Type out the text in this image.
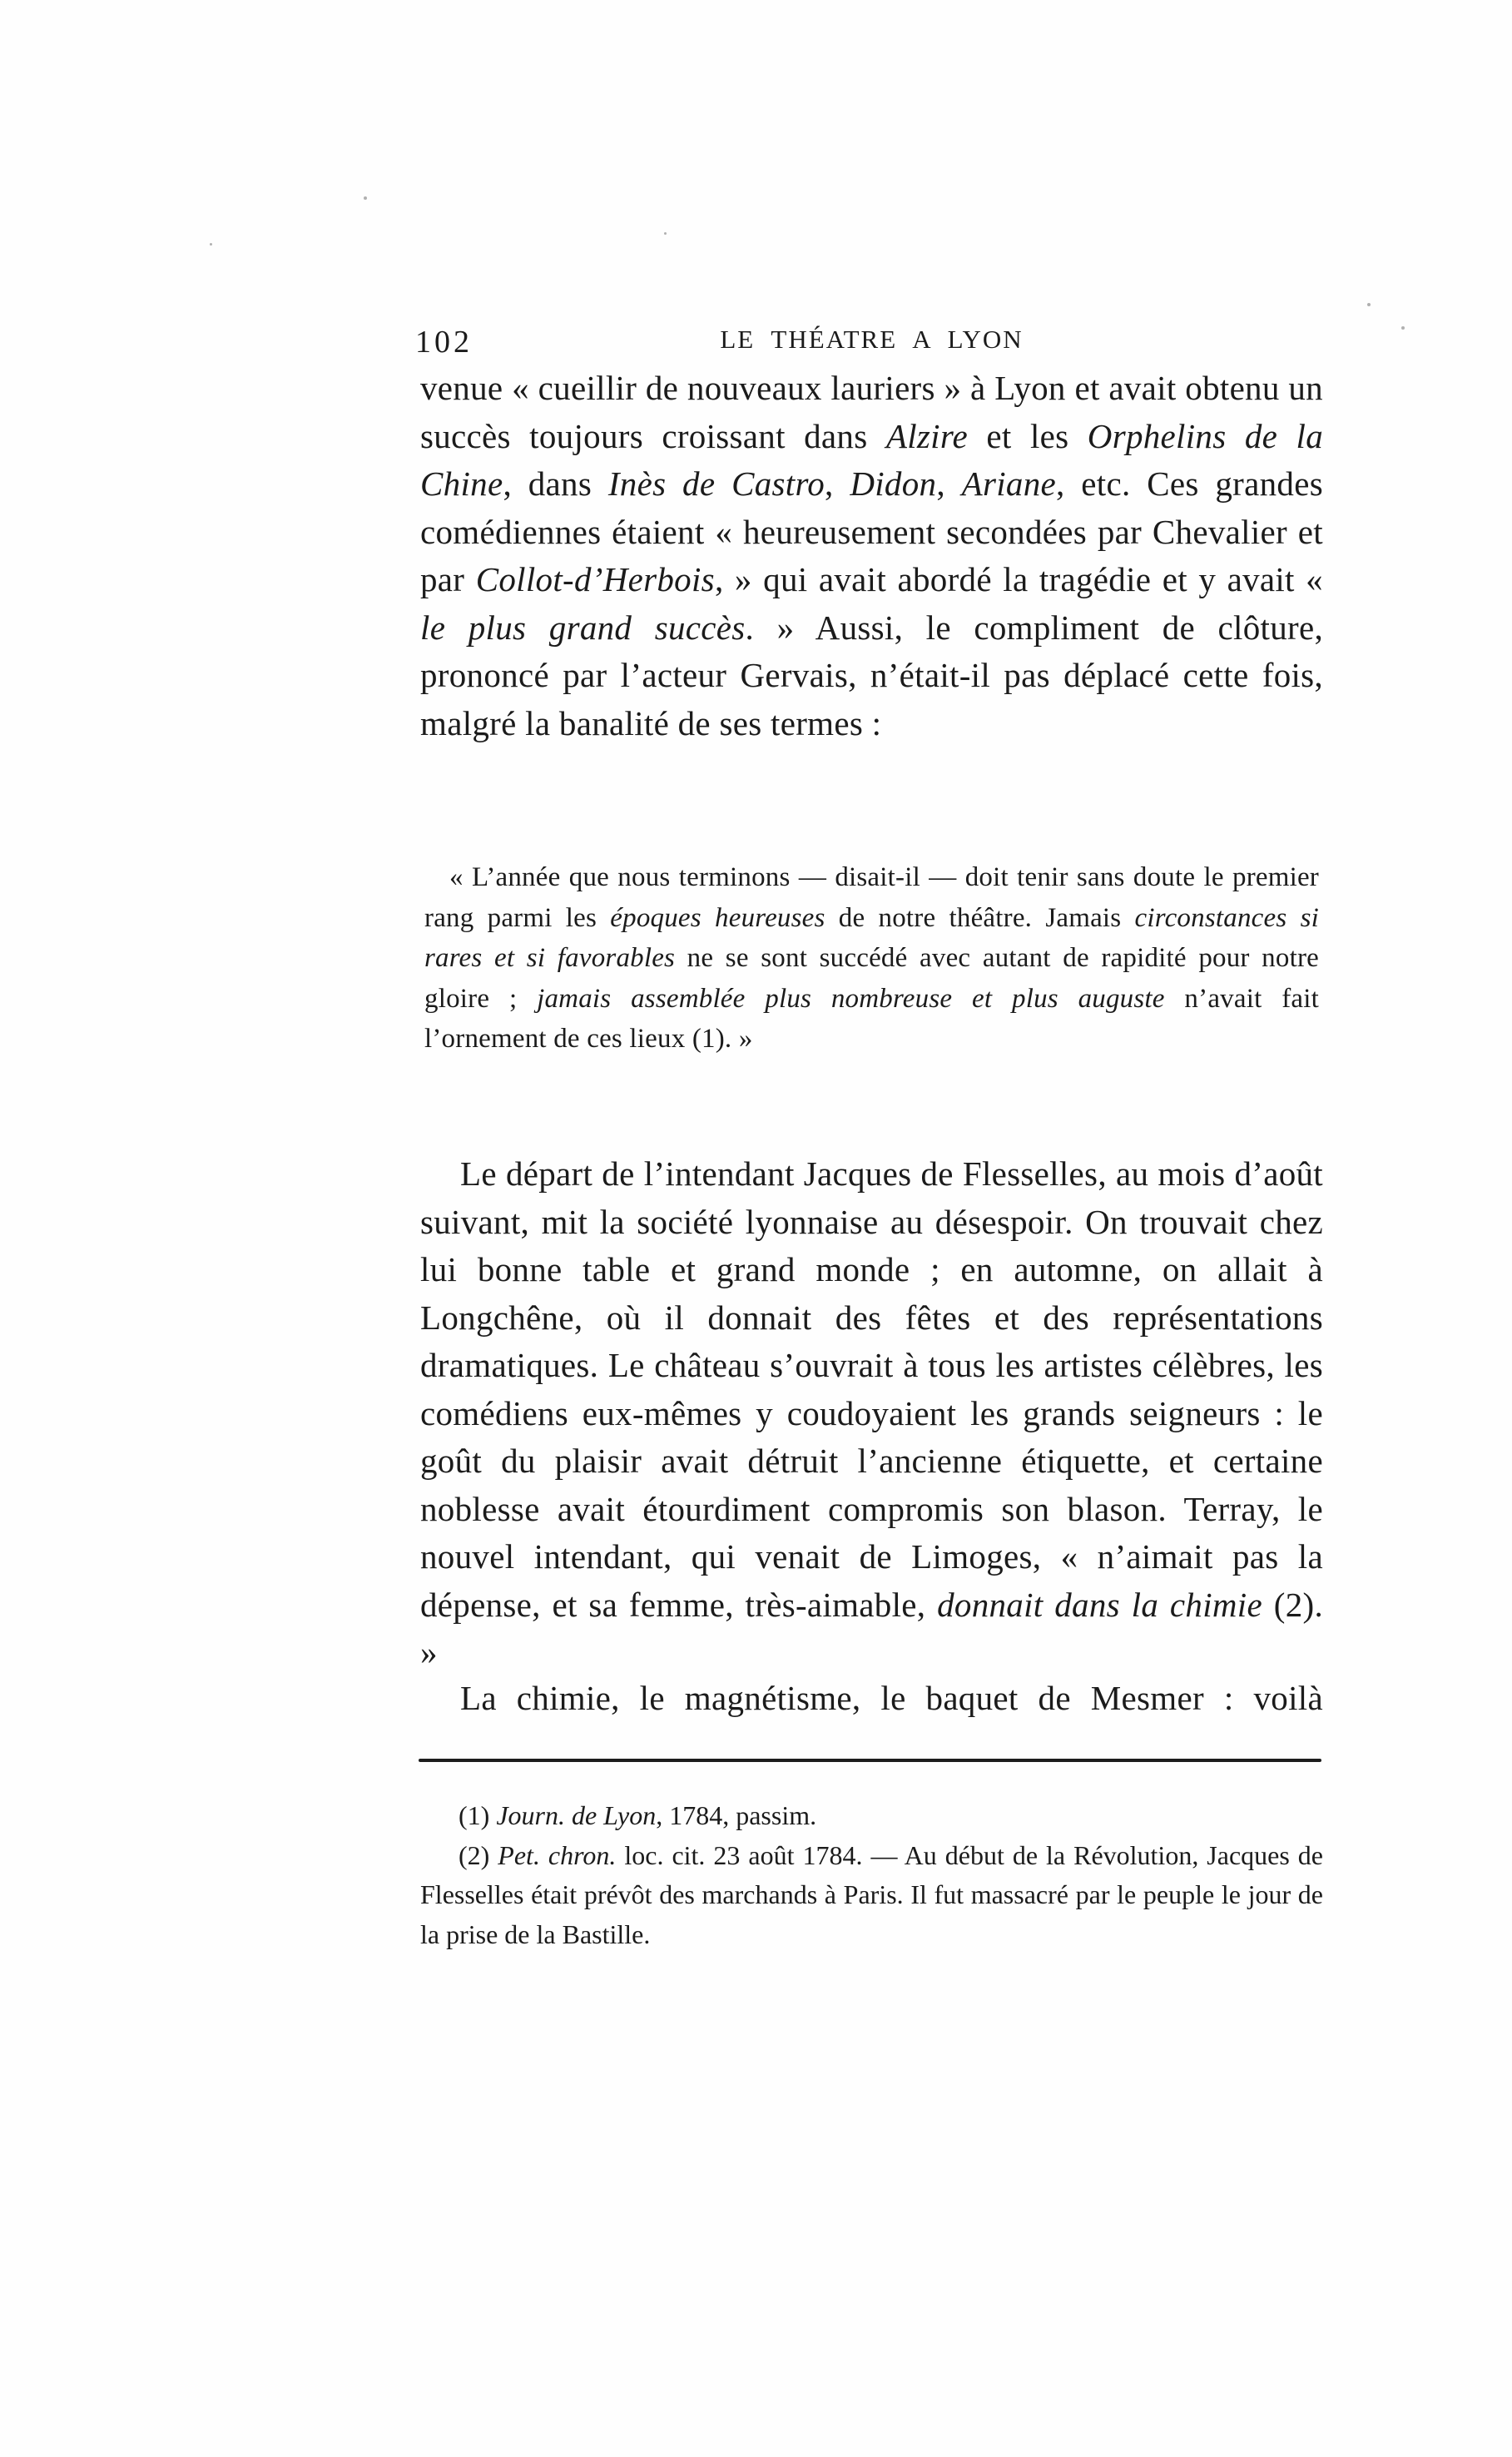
102	LE THÉATRE A LYON

venue « cueillir de nouveaux lauriers » à Lyon et avait obtenu un succès toujours croissant dans Alzire et les Orphelins de la Chine, dans Inès de Castro, Didon, Ariane, etc. Ces grandes comédiennes étaient « heureusement secondées par Chevalier et par Collot-d’Herbois, » qui avait abordé la tragédie et y avait « le plus grand succès. » Aussi, le compliment de clôture, prononcé par l’acteur Gervais, n’était-il pas déplacé cette fois, malgré la banalité de ses termes :

« L’année que nous terminons — disait-il — doit tenir sans doute le premier rang parmi les époques heureuses de notre théâtre. Jamais circonstances si rares et si favorables ne se sont succédé avec autant de rapidité pour notre gloire ; jamais assemblée plus nombreuse et plus auguste n’avait fait l’ornement de ces lieux (1). »

Le départ de l’intendant Jacques de Flesselles, au mois d’août suivant, mit la société lyonnaise au désespoir. On trouvait chez lui bonne table et grand monde ; en automne, on allait à Longchêne, où il donnait des fêtes et des représentations dramatiques. Le château s’ouvrait à tous les artistes célèbres, les comédiens eux-mêmes y coudoyaient les grands seigneurs : le goût du plaisir avait détruit l’ancienne étiquette, et certaine noblesse avait étourdiment compromis son blason. Terray, le nouvel intendant, qui venait de Limoges, « n’aimait pas la dépense, et sa femme, très-aimable, donnait dans la chimie (2). »

La chimie, le magnétisme, le baquet de Mesmer : voilà

(1) Journ. de Lyon, 1784, passim.

(2) Pet. chron. loc. cit. 23 août 1784. — Au début de la Révolution, Jacques de Flesselles était prévôt des marchands à Paris. Il fut massacré par le peuple le jour de la prise de la Bastille.
